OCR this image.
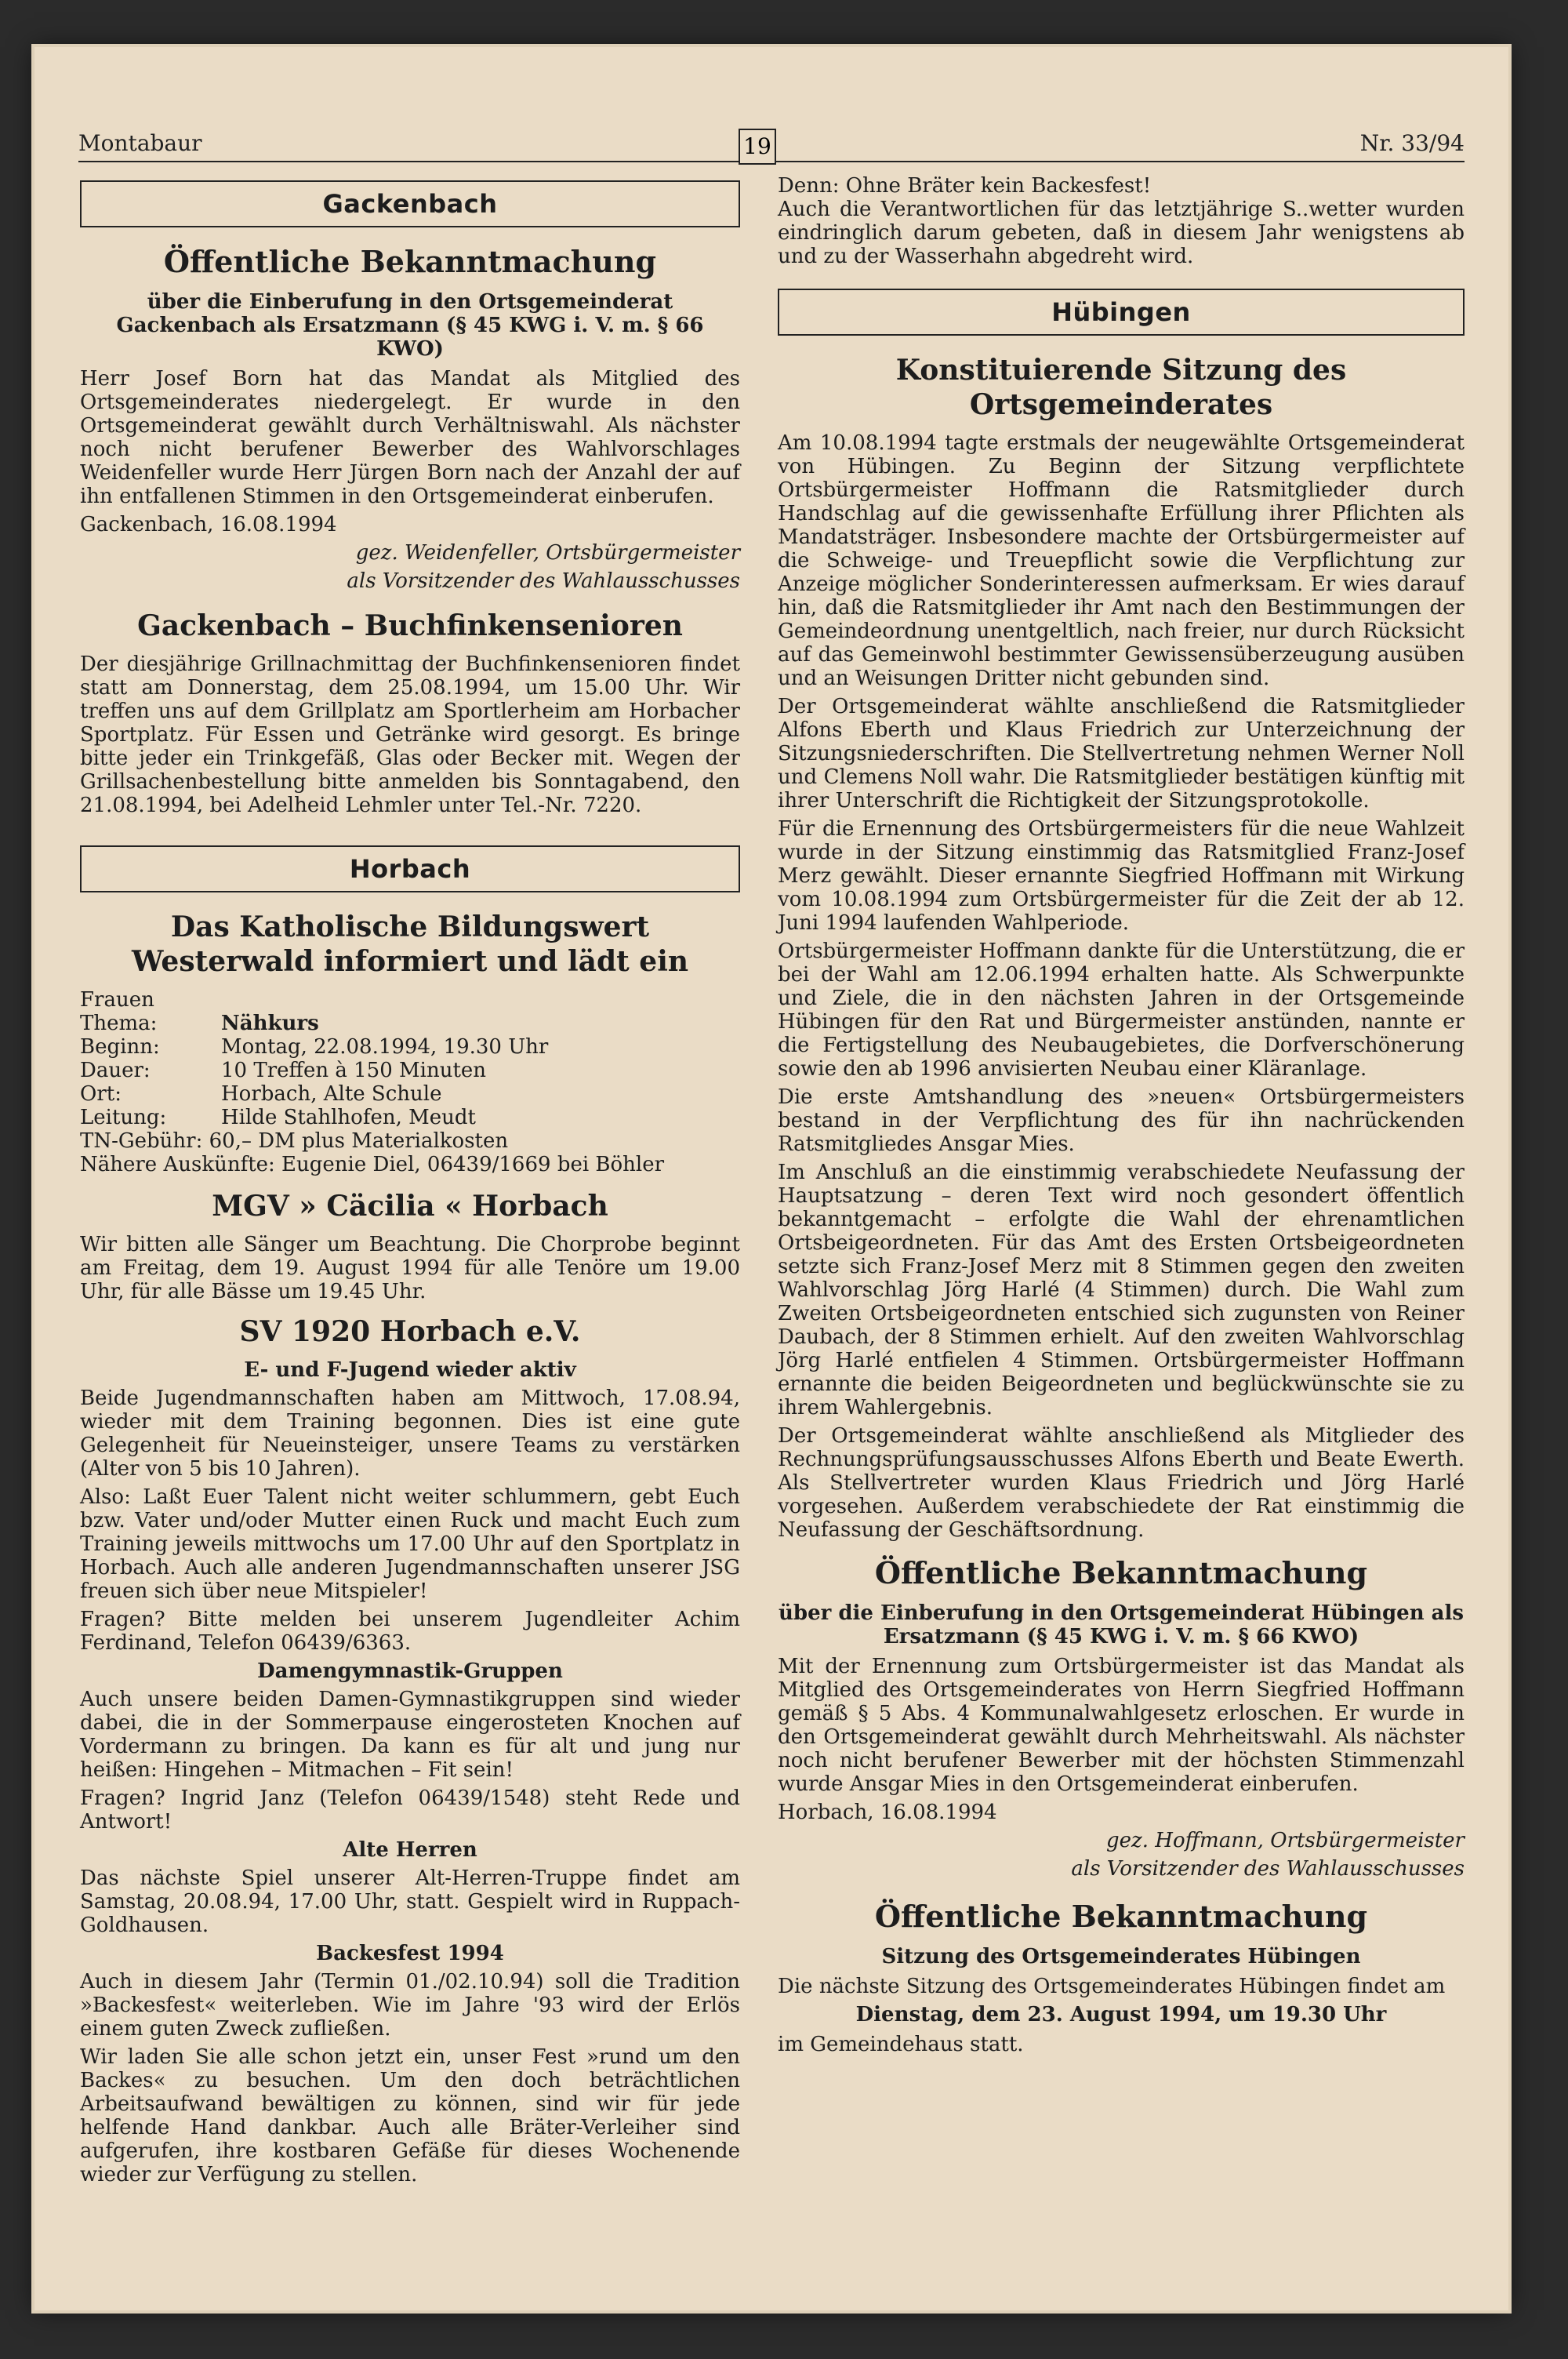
Montabaur	19	Nr. 33/94
Gackenbach
Öffentliche Bekanntmachung
über die Einberufung in den Ortsgemeinderat Gackenbach als Ersatzmann (§ 45 KWG i. V. m. § 66 KWO)

Herr Josef Born hat das Mandat als Mitglied des Ortsgemeinderates niedergelegt. Er wurde in den Ortsgemeinderat gewählt durch Verhältniswahl. Als nächster noch nicht berufener Bewerber des Wahlvorschlages Weidenfeller wurde Herr Jürgen Born nach der Anzahl der auf ihn entfallenen Stimmen in den Ortsgemeinderat einberufen.

Gackenbach, 16.08.1994

gez. Weidenfeller, Ortsbürgermeister
als Vorsitzender des Wahlausschusses
Gackenbach – Buchfinkensenioren

Der diesjährige Grillnachmittag der Buchfinkensenioren findet statt am Donnerstag, dem 25.08.1994, um 15.00 Uhr. Wir treffen uns auf dem Grillplatz am Sportlerheim am Horbacher Sportplatz. Für Essen und Getränke wird gesorgt. Es bringe bitte jeder ein Trinkgefäß, Glas oder Becker mit. Wegen der Grillsachenbestellung bitte anmelden bis Sonntagabend, den 21.08.1994, bei Adelheid Lehmler unter Tel.-Nr. 7220.

Horbach
Das Katholische Bildungswert Westerwald informiert und lädt ein
Frauen
Thema:	Nähkurs
Beginn:	Montag, 22.08.1994, 19.30 Uhr
Dauer:	10 Treffen à 150 Minuten
Ort:	Horbach, Alte Schule
Leitung:	Hilde Stahlhofen, Meudt
TN-Gebühr: 60,– DM plus Materialkosten
Nähere Auskünfte: Eugenie Diel, 06439/1669 bei Böhler
MGV » Cäcilia « Horbach

Wir bitten alle Sänger um Beachtung. Die Chorprobe beginnt am Freitag, dem 19. August 1994 für alle Tenöre um 19.00 Uhr, für alle Bässe um 19.45 Uhr.

SV 1920 Horbach e.V.
E- und F-Jugend wieder aktiv

Beide Jugendmannschaften haben am Mittwoch, 17.08.94, wieder mit dem Training begonnen. Dies ist eine gute Gelegenheit für Neueinsteiger, unsere Teams zu verstärken (Alter von 5 bis 10 Jahren).

Also: Laßt Euer Talent nicht weiter schlummern, gebt Euch bzw. Vater und/oder Mutter einen Ruck und macht Euch zum Training jeweils mittwochs um 17.00 Uhr auf den Sportplatz in Horbach. Auch alle anderen Jugendmannschaften unserer JSG freuen sich über neue Mitspieler!

Fragen? Bitte melden bei unserem Jugendleiter Achim Ferdinand, Telefon 06439/6363.

Damengymnastik-Gruppen

Auch unsere beiden Damen-Gymnastikgruppen sind wieder dabei, die in der Sommerpause eingerosteten Knochen auf Vordermann zu bringen. Da kann es für alt und jung nur heißen: Hingehen – Mitmachen – Fit sein!

Fragen? Ingrid Janz (Telefon 06439/1548) steht Rede und Antwort!

Alte Herren

Das nächste Spiel unserer Alt-Herren-Truppe findet am Samstag, 20.08.94, 17.00 Uhr, statt. Gespielt wird in Ruppach-Goldhausen.

Backesfest 1994

Auch in diesem Jahr (Termin 01./02.10.94) soll die Tradition »Backesfest« weiterleben. Wie im Jahre '93 wird der Erlös einem guten Zweck zufließen.

Wir laden Sie alle schon jetzt ein, unser Fest »rund um den Backes« zu besuchen. Um den doch beträchtlichen Arbeitsaufwand bewältigen zu können, sind wir für jede helfende Hand dankbar. Auch alle Bräter-Verleiher sind aufgerufen, ihre kostbaren Gefäße für dieses Wochenende wieder zur Verfügung zu stellen.

Denn: Ohne Bräter kein Backesfest!

Auch die Verantwortlichen für das letztjährige S..wetter wurden eindringlich darum gebeten, daß in diesem Jahr wenigstens ab und zu der Wasserhahn abgedreht wird.

Hübingen
Konstituierende Sitzung des Ortsgemeinderates

Am 10.08.1994 tagte erstmals der neugewählte Ortsgemeinderat von Hübingen. Zu Beginn der Sitzung verpflichtete Ortsbürgermeister Hoffmann die Ratsmitglieder durch Handschlag auf die gewissenhafte Erfüllung ihrer Pflichten als Mandatsträger. Insbesondere machte der Ortsbürgermeister auf die Schweige- und Treuepflicht sowie die Verpflichtung zur Anzeige möglicher Sonderinteressen aufmerksam. Er wies darauf hin, daß die Ratsmitglieder ihr Amt nach den Bestimmungen der Gemeindeordnung unentgeltlich, nach freier, nur durch Rücksicht auf das Gemeinwohl bestimmter Gewissensüberzeugung ausüben und an Weisungen Dritter nicht gebunden sind.

Der Ortsgemeinderat wählte anschließend die Ratsmitglieder Alfons Eberth und Klaus Friedrich zur Unterzeichnung der Sitzungsniederschriften. Die Stellvertretung nehmen Werner Noll und Clemens Noll wahr. Die Ratsmitglieder bestätigen künftig mit ihrer Unterschrift die Richtigkeit der Sitzungsprotokolle.

Für die Ernennung des Ortsbürgermeisters für die neue Wahlzeit wurde in der Sitzung einstimmig das Ratsmitglied Franz-Josef Merz gewählt. Dieser ernannte Siegfried Hoffmann mit Wirkung vom 10.08.1994 zum Ortsbürgermeister für die Zeit der ab 12. Juni 1994 laufenden Wahlperiode.

Ortsbürgermeister Hoffmann dankte für die Unterstützung, die er bei der Wahl am 12.06.1994 erhalten hatte. Als Schwerpunkte und Ziele, die in den nächsten Jahren in der Ortsgemeinde Hübingen für den Rat und Bürgermeister anstünden, nannte er die Fertigstellung des Neubaugebietes, die Dorfverschönerung sowie den ab 1996 anvisierten Neubau einer Kläranlage.

Die erste Amtshandlung des »neuen« Ortsbürgermeisters bestand in der Verpflichtung des für ihn nachrückenden Ratsmitgliedes Ansgar Mies.

Im Anschluß an die einstimmig verabschiedete Neufassung der Hauptsatzung – deren Text wird noch gesondert öffentlich bekanntgemacht – erfolgte die Wahl der ehrenamtlichen Ortsbeigeordneten. Für das Amt des Ersten Ortsbeigeordneten setzte sich Franz-Josef Merz mit 8 Stimmen gegen den zweiten Wahlvorschlag Jörg Harlé (4 Stimmen) durch. Die Wahl zum Zweiten Ortsbeigeordneten entschied sich zugunsten von Reiner Daubach, der 8 Stimmen erhielt. Auf den zweiten Wahlvorschlag Jörg Harlé entfielen 4 Stimmen. Ortsbürgermeister Hoffmann ernannte die beiden Beigeordneten und beglückwünschte sie zu ihrem Wahlergebnis.

Der Ortsgemeinderat wählte anschließend als Mitglieder des Rechnungsprüfungsausschusses Alfons Eberth und Beate Ewerth. Als Stellvertreter wurden Klaus Friedrich und Jörg Harlé vorgesehen. Außerdem verabschiedete der Rat einstimmig die Neufassung der Geschäftsordnung.

Öffentliche Bekanntmachung
über die Einberufung in den Ortsgemeinderat Hübingen als Ersatzmann (§ 45 KWG i. V. m. § 66 KWO)

Mit der Ernennung zum Ortsbürgermeister ist das Mandat als Mitglied des Ortsgemeinderates von Herrn Siegfried Hoffmann gemäß § 5 Abs. 4 Kommunalwahlgesetz erloschen. Er wurde in den Ortsgemeinderat gewählt durch Mehrheitswahl. Als nächster noch nicht berufener Bewerber mit der höchsten Stimmenzahl wurde Ansgar Mies in den Ortsgemeinderat einberufen.

Horbach, 16.08.1994

gez. Hoffmann, Ortsbürgermeister
als Vorsitzender des Wahlausschusses
Öffentliche Bekanntmachung
Sitzung des Ortsgemeinderates Hübingen

Die nächste Sitzung des Ortsgemeinderates Hübingen findet am

Dienstag, dem 23. August 1994, um 19.30 Uhr

im Gemeindehaus statt.
